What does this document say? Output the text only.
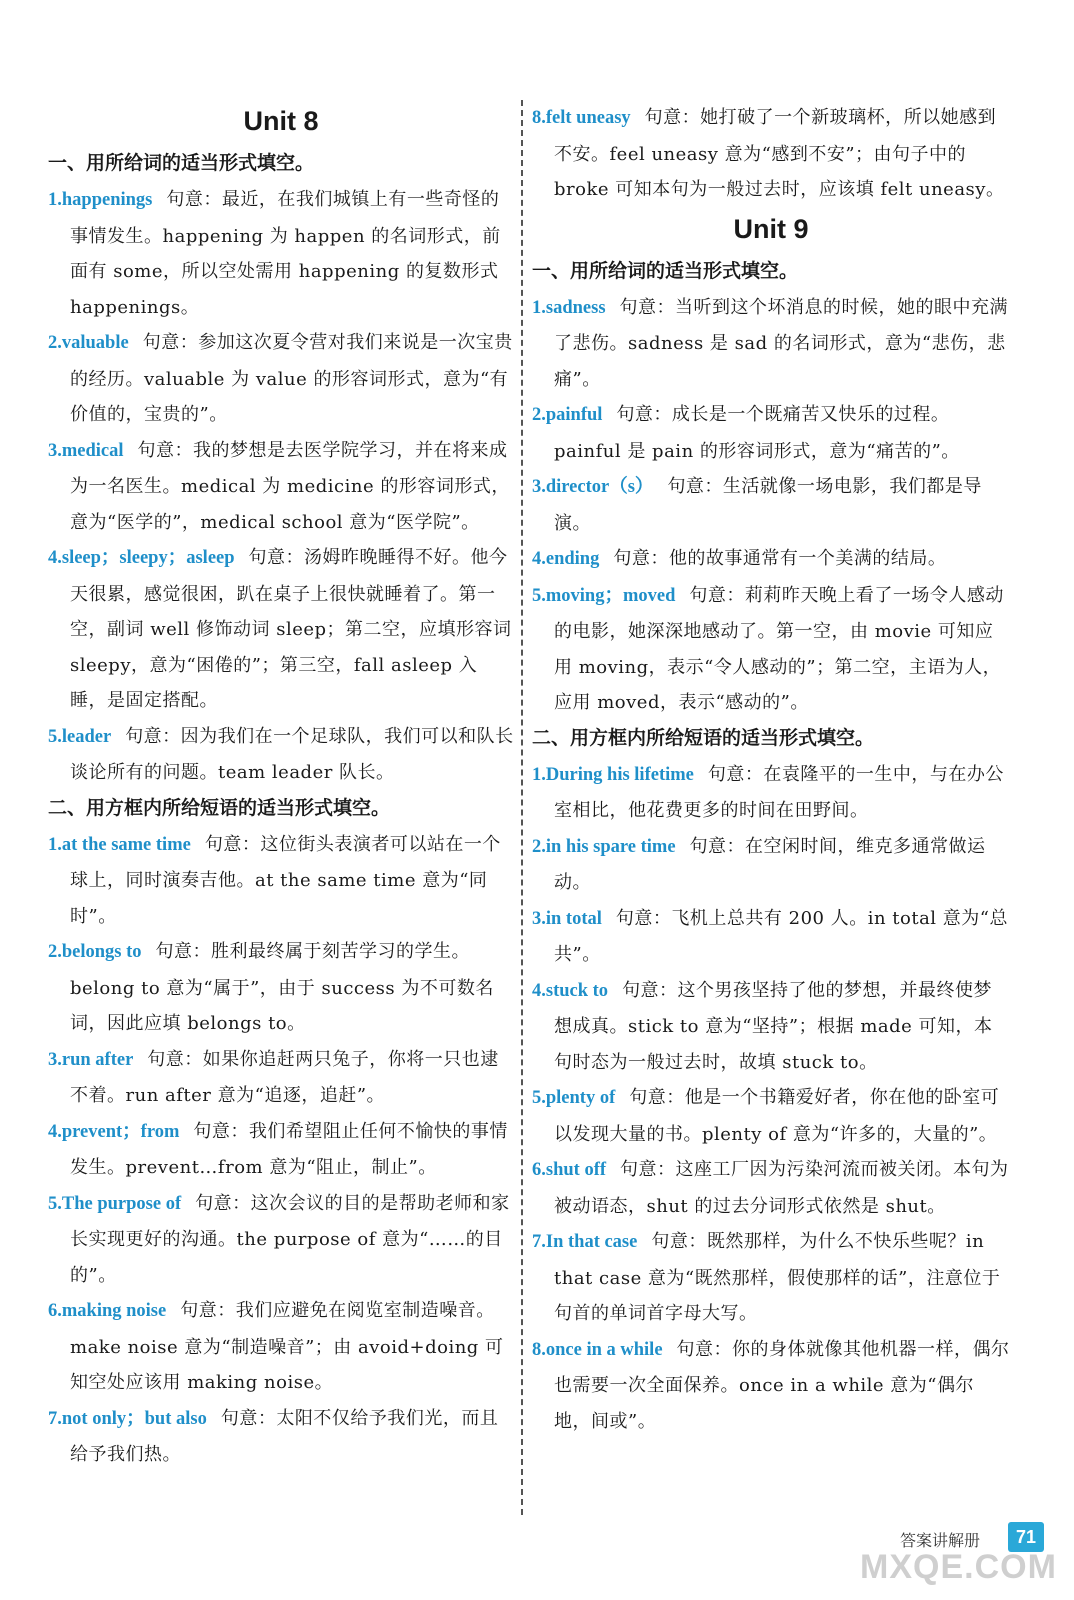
Unit 8
一、用所给词的适当形式填空。

1.happenings 句意：最近，在我们城镇上有一些奇怪的事情发生。happening 为 happen 的名词形式，前面有 some，所以空处需用 happening 的复数形式 happenings。

2.valuable 句意：参加这次夏令营对我们来说是一次宝贵的经历。valuable 为 value 的形容词形式，意为“有价值的，宝贵的”。

3.medical 句意：我的梦想是去医学院学习，并在将来成为一名医生。medical 为 medicine 的形容词形式，意为“医学的”，medical school 意为“医学院”。

4.sleep；sleepy；asleep 句意：汤姆昨晚睡得不好。他今天很累，感觉很困，趴在桌子上很快就睡着了。第一空，副词 well 修饰动词 sleep；第二空，应填形容词 sleepy，意为“困倦的”；第三空，fall asleep 入睡，是固定搭配。

5.leader 句意：因为我们在一个足球队，我们可以和队长谈论所有的问题。team leader 队长。

二、用方框内所给短语的适当形式填空。

1.at the same time 句意：这位街头表演者可以站在一个球上，同时演奏吉他。at the same time 意为“同时”。

2.belongs to 句意：胜利最终属于刻苦学习的学生。belong to 意为“属于”，由于 success 为不可数名词，因此应填 belongs to。

3.run after 句意：如果你追赶两只兔子，你将一只也逮不着。run after 意为“追逐，追赶”。

4.prevent；from 句意：我们希望阻止任何不愉快的事情发生。prevent…from 意为“阻止，制止”。

5.The purpose of 句意：这次会议的目的是帮助老师和家长实现更好的沟通。the purpose of 意为“……的目的”。

6.making noise 句意：我们应避免在阅览室制造噪音。make noise 意为“制造噪音”；由 avoid+doing 可知空处应该用 making noise。

7.not only；but also 句意：太阳不仅给予我们光，而且给予我们热。

8.felt uneasy 句意：她打破了一个新玻璃杯，所以她感到不安。feel uneasy 意为“感到不安”；由句子中的 broke 可知本句为一般过去时，应该填 felt uneasy。

Unit 9
一、用所给词的适当形式填空。

1.sadness 句意：当听到这个坏消息的时候，她的眼中充满了悲伤。sadness 是 sad 的名词形式，意为“悲伤，悲痛”。

2.painful 句意：成长是一个既痛苦又快乐的过程。painful 是 pain 的形容词形式，意为“痛苦的”。

3.director（s） 句意：生活就像一场电影，我们都是导演。

4.ending 句意：他的故事通常有一个美满的结局。

5.moving；moved 句意：莉莉昨天晚上看了一场令人感动的电影，她深深地感动了。第一空，由 movie 可知应用 moving，表示“令人感动的”；第二空，主语为人，应用 moved，表示“感动的”。

二、用方框内所给短语的适当形式填空。

1.During his lifetime 句意：在袁隆平的一生中，与在办公室相比，他花费更多的时间在田野间。

2.in his spare time 句意：在空闲时间，维克多通常做运动。

3.in total 句意：飞机上总共有 200 人。in total 意为“总共”。

4.stuck to 句意：这个男孩坚持了他的梦想，并最终使梦想成真。stick to 意为“坚持”；根据 made 可知，本句时态为一般过去时，故填 stuck to。

5.plenty of 句意：他是一个书籍爱好者，你在他的卧室可以发现大量的书。plenty of 意为“许多的，大量的”。

6.shut off 句意：这座工厂因为污染河流而被关闭。本句为被动语态，shut 的过去分词形式依然是 shut。

7.In that case 句意：既然那样，为什么不快乐些呢？in that case 意为“既然那样，假使那样的话”，注意位于句首的单词首字母大写。

8.once in a while 句意：你的身体就像其他机器一样，偶尔也需要一次全面保养。once in a while 意为“偶尔地，间或”。

答案讲解册	71
MXQE.COM
